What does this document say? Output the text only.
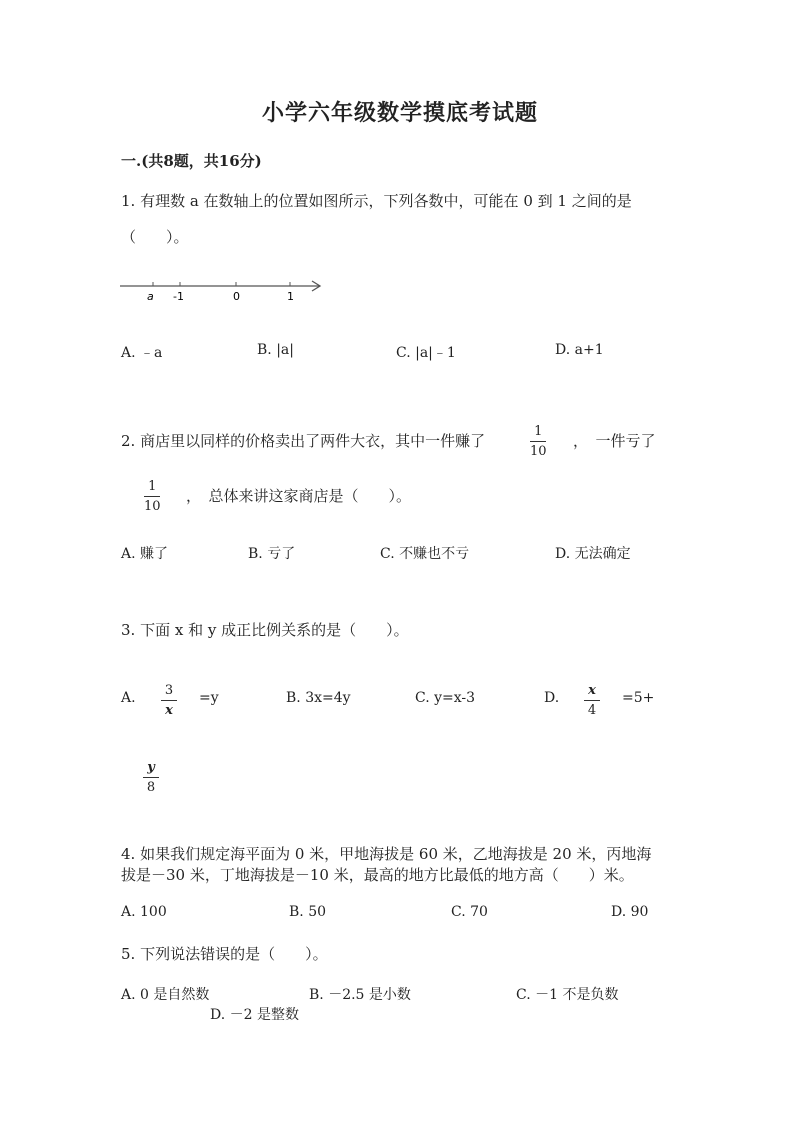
小学六年级数学摸底考试题
一.(共8题，共16分)
1. 有理数 a 在数轴上的位置如图所示，下列各数中，可能在 0 到 1 之间的是
（　　）。
a -1	0	1
A. ﹣a	B. |a|	C. |a|﹣1	D. a+1
2. 商店里以同样的价格卖出了两件大衣，其中一件赚了
1
10
，　一件亏了
1
10
，　总体来讲这家商店是（　　）。
A. 赚了	B. 亏了	C. 不赚也不亏	D. 无法确定
3. 下面 x 和 y 成正比例关系的是（　　）。
A. 3
x
=y	B. 3x=4y	C. y=x-3	D. x
4
=5+
y
8
4. 如果我们规定海平面为 0 米，甲地海拔是 60 米，乙地海拔是 20 米，丙地海
拔是－30 米，丁地海拔是－10 米，最高的地方比最低的地方高（　　）米。
A. 100	B. 50	C. 70	D. 90
5. 下列说法错误的是（　　）。
A. 0 是自然数	B. －2.5 是小数	C. －1 不是负数
D. －2 是整数
